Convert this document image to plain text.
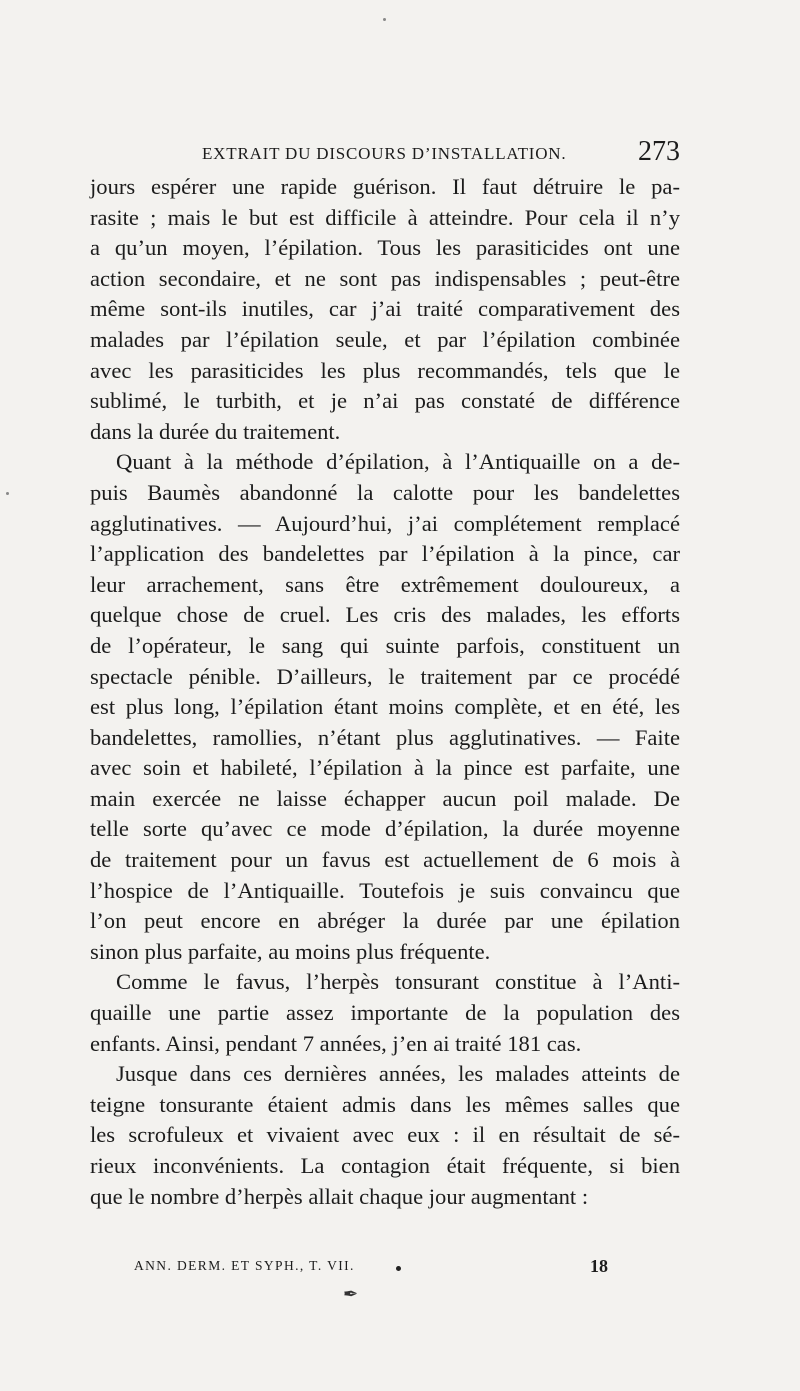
EXTRAIT DU DISCOURS D’INSTALLATION.	273

jours espérer une rapide guérison. Il faut détruire le pa-
rasite ; mais le but est difficile à atteindre. Pour cela il n’y
a qu’un moyen, l’épilation. Tous les parasiticides ont une
action secondaire, et ne sont pas indispensables ; peut-être
même sont-ils inutiles, car j’ai traité comparativement des
malades par l’épilation seule, et par l’épilation combinée
avec les parasiticides les plus recommandés, tels que le
sublimé, le turbith, et je n’ai pas constaté de différence
dans la durée du traitement.

Quant à la méthode d’épilation, à l’Antiquaille on a de-
puis Baumès abandonné la calotte pour les bandelettes
agglutinatives. — Aujourd’hui, j’ai complétement remplacé
l’application des bandelettes par l’épilation à la pince, car
leur arrachement, sans être extrêmement douloureux, a
quelque chose de cruel. Les cris des malades, les efforts
de l’opérateur, le sang qui suinte parfois, constituent un
spectacle pénible. D’ailleurs, le traitement par ce procédé
est plus long, l’épilation étant moins complète, et en été, les
bandelettes, ramollies, n’étant plus agglutinatives. — Faite
avec soin et habileté, l’épilation à la pince est parfaite, une
main exercée ne laisse échapper aucun poil malade. De
telle sorte qu’avec ce mode d’épilation, la durée moyenne
de traitement pour un favus est actuellement de 6 mois à
l’hospice de l’Antiquaille. Toutefois je suis convaincu que
l’on peut encore en abréger la durée par une épilation
sinon plus parfaite, au moins plus fréquente.

Comme le favus, l’herpès tonsurant constitue à l’Anti-
quaille une partie assez importante de la population des
enfants. Ainsi, pendant 7 années, j’en ai traité 181 cas.

Jusque dans ces dernières années, les malades atteints de
teigne tonsurante étaient admis dans les mêmes salles que
les scrofuleux et vivaient avec eux : il en résultait de sé-
rieux inconvénients. La contagion était fréquente, si bien
que le nombre d’herpès allait chaque jour augmentant :

ANN. DERM. ET SYPH., T. VII.	18
✒
